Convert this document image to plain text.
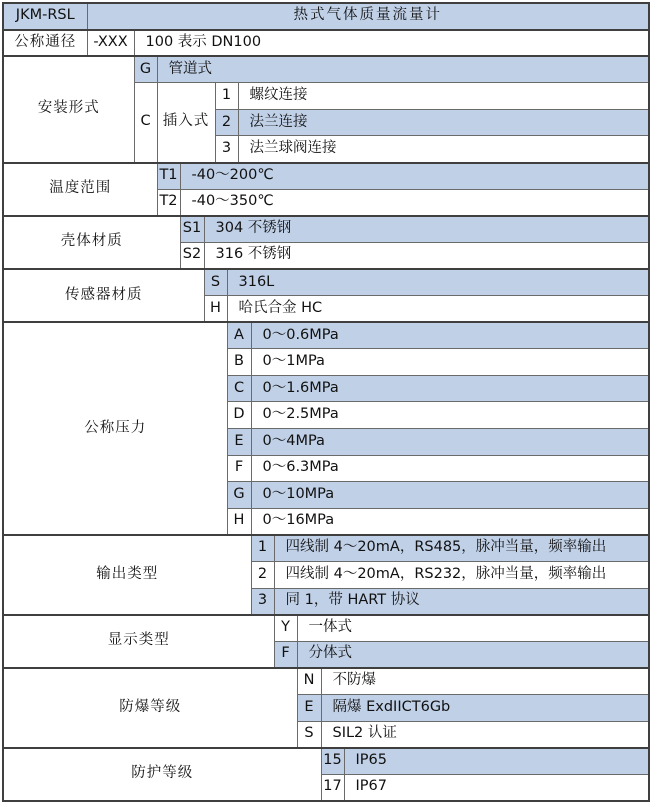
JKM-RSL	热式气体质量流量计												
公称通径	-XXX	100 表示 DN100											
安装形式		G	管道式										
		C	插入式			1		螺纹连接					
						2		法兰连接					
						3		法兰球阀连接					
温度范围			T1	-40～200℃									
			T2	-40～350℃									
壳体材质				S1	304 不锈钢								
				S2	316 不锈钢								
传感器材质					S		316L						
					H		哈氏合金 HC						
公称压力							A		0～0.6MPa				
							B		0～1MPa				
							C		0～1.6MPa				
							D		0～2.5MPa				
							E		0～4MPa				
							F		0～6.3MPa				
							G		0～10MPa				
							H		0～16MPa				
输出类型									1	四线制 4～20mA，RS485，脉冲当量，频率输出			
									2	四线制 4～20mA，RS232，脉冲当量，频率输出			
									3	同 1，带 HART 协议			
显示类型										Y	一体式		
										F	分体式		
防爆等级											N	不防爆	
											E	隔爆 ExdIICT6Gb	
											S	SIL2 认证	
防护等级												15	IP65
												17	IP67
